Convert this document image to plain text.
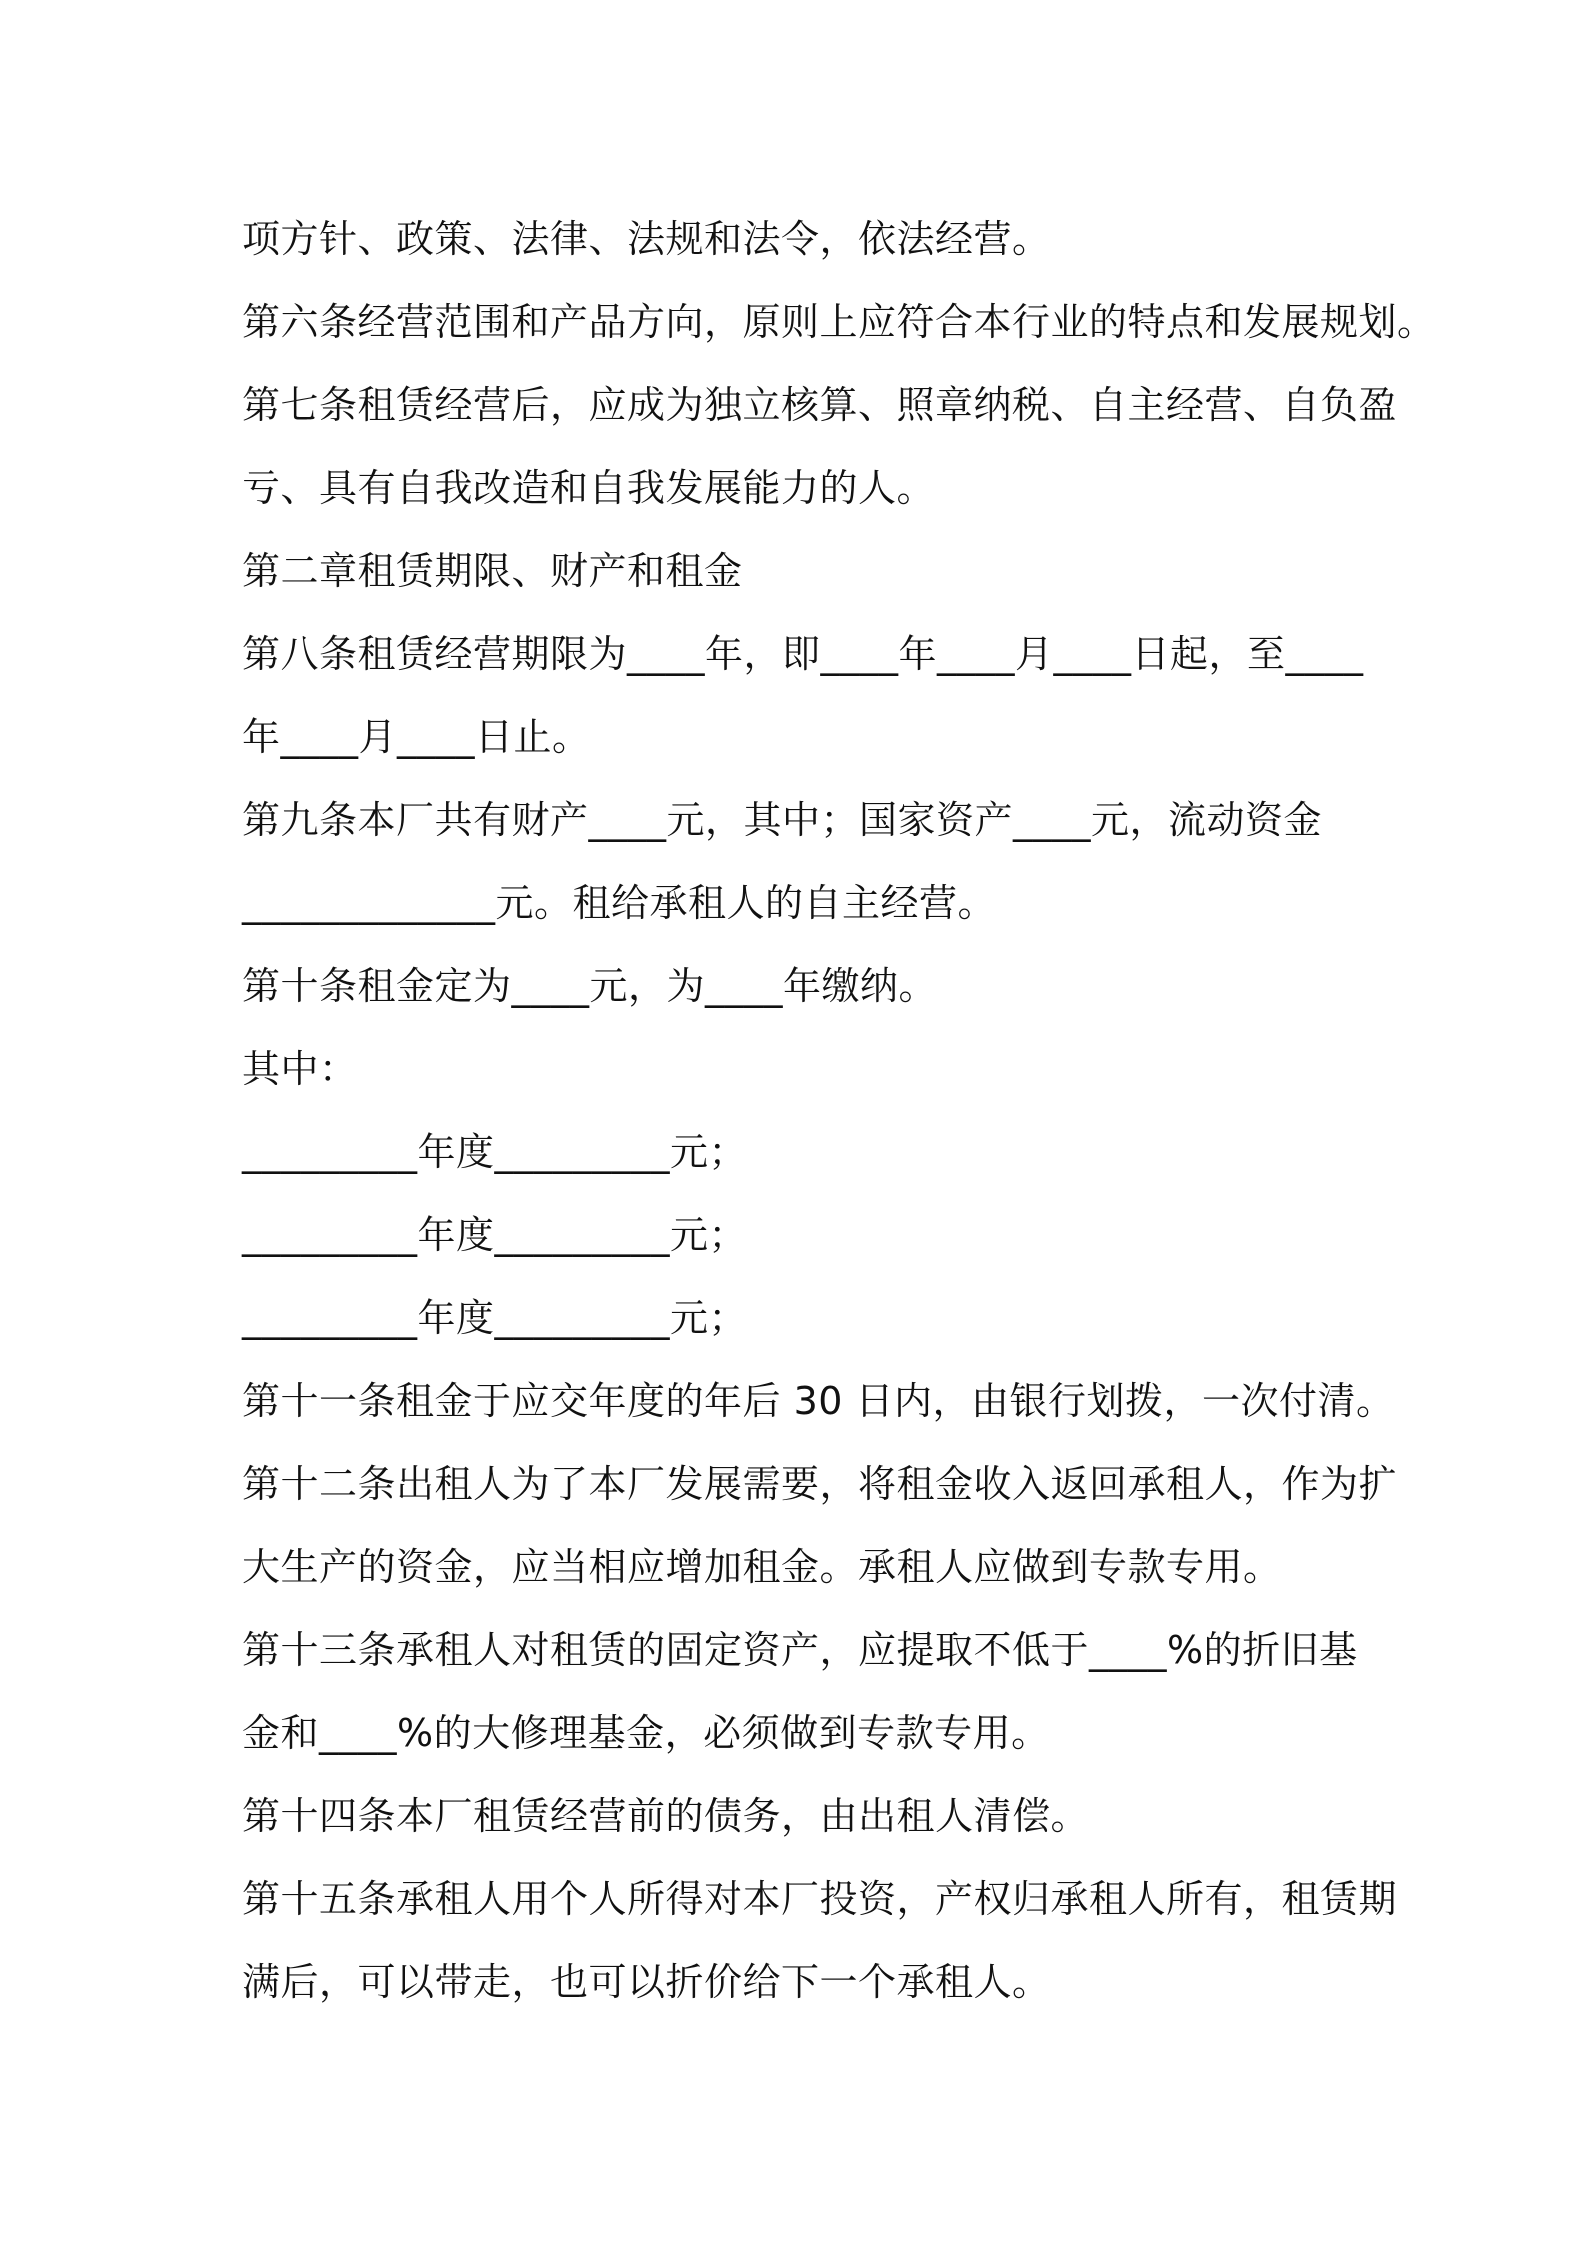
项方针、政策、法律、法规和法令，依法经营。

第六条经营范围和产品方向，原则上应符合本行业的特点和发展规划。

第七条租赁经营后，应成为独立核算、照章纳税、自主经营、自负盈

亏、具有自我改造和自我发展能力的人。

第二章租赁期限、财产和租金

第八条租赁经营期限为____年，即____年____月____日起，至____

年____月____日止。

第九条本厂共有财产____元，其中；国家资产____元，流动资金

_____________元。租给承租人的自主经营。

第十条租金定为____元，为____年缴纳。

其中：

_________年度_________元；

_________年度_________元；

_________年度_________元；

第十一条租金于应交年度的年后 30 日内，由银行划拨，一次付清。

第十二条出租人为了本厂发展需要，将租金收入返回承租人，作为扩

大生产的资金，应当相应增加租金。承租人应做到专款专用。

第十三条承租人对租赁的固定资产，应提取不低于____%的折旧基

金和____%的大修理基金，必须做到专款专用。

第十四条本厂租赁经营前的债务，由出租人清偿。

第十五条承租人用个人所得对本厂投资，产权归承租人所有，租赁期

满后，可以带走，也可以折价给下一个承租人。
